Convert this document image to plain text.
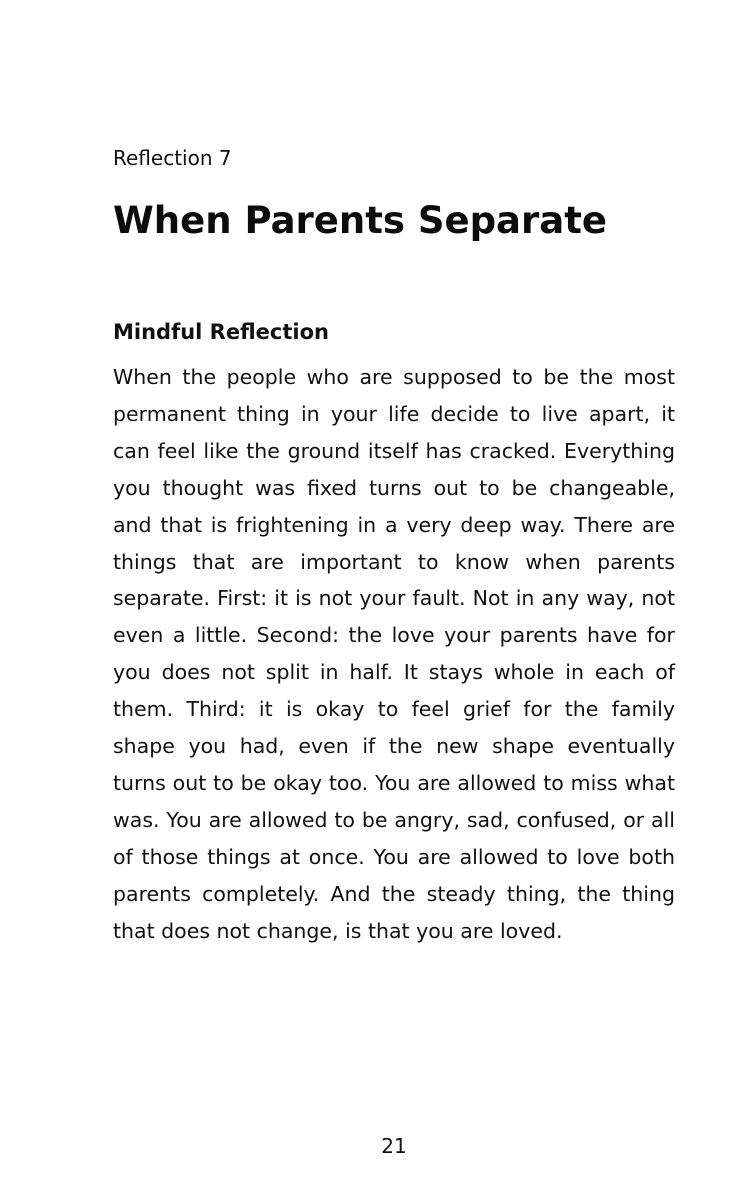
Reflection 7
When Parents Separate
Mindful Reflection

When the people who are supposed to be the most permanent thing in your life decide to live apart, it can feel like the ground itself has cracked. Everything you thought was fixed turns out to be changeable, and that is frightening in a very deep way. There are things that are important to know when parents separate. First: it is not your fault. Not in any way, not even a little. Second: the love your parents have for you does not split in half. It stays whole in each of them. Third: it is okay to feel grief for the family shape you had, even if the new shape eventually turns out to be okay too. You are allowed to miss what was. You are allowed to be angry, sad, confused, or all of those things at once. You are allowed to love both parents completely. And the steady thing, the thing that does not change, is that you are loved.

21
